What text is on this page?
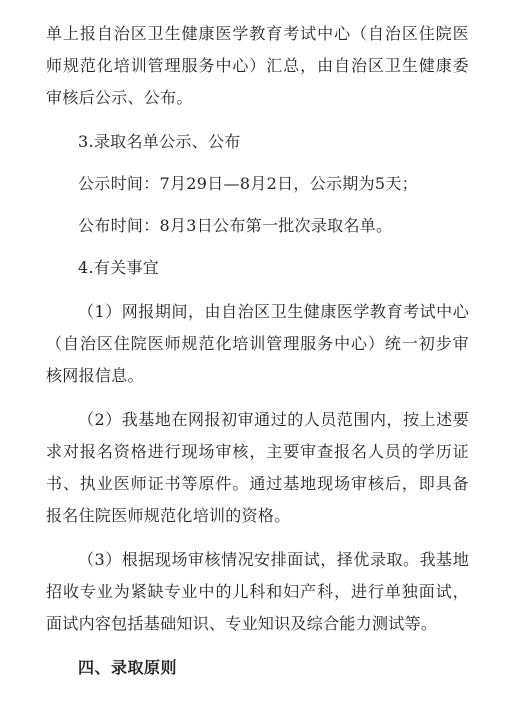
单上报自治区卫生健康医学教育考试中心（自治区住院医师规范化培训管理服务中心）汇总，由自治区卫生健康委审核后公示、公布。

3.录取名单公示、公布

公示时间：7月29日—8月2日，公示期为5天；

公布时间：8月3日公布第一批次录取名单。

4.有关事宜

（1）网报期间，由自治区卫生健康医学教育考试中心（自治区住院医师规范化培训管理服务中心）统一初步审核网报信息。

（2）我基地在网报初审通过的人员范围内，按上述要求对报名资格进行现场审核，主要审查报名人员的学历证书、执业医师证书等原件。通过基地现场审核后，即具备报名住院医师规范化培训的资格。

（3）根据现场审核情况安排面试，择优录取。我基地招收专业为紧缺专业中的儿科和妇产科，进行单独面试，面试内容包括基础知识、专业知识及综合能力测试等。

四、录取原则
